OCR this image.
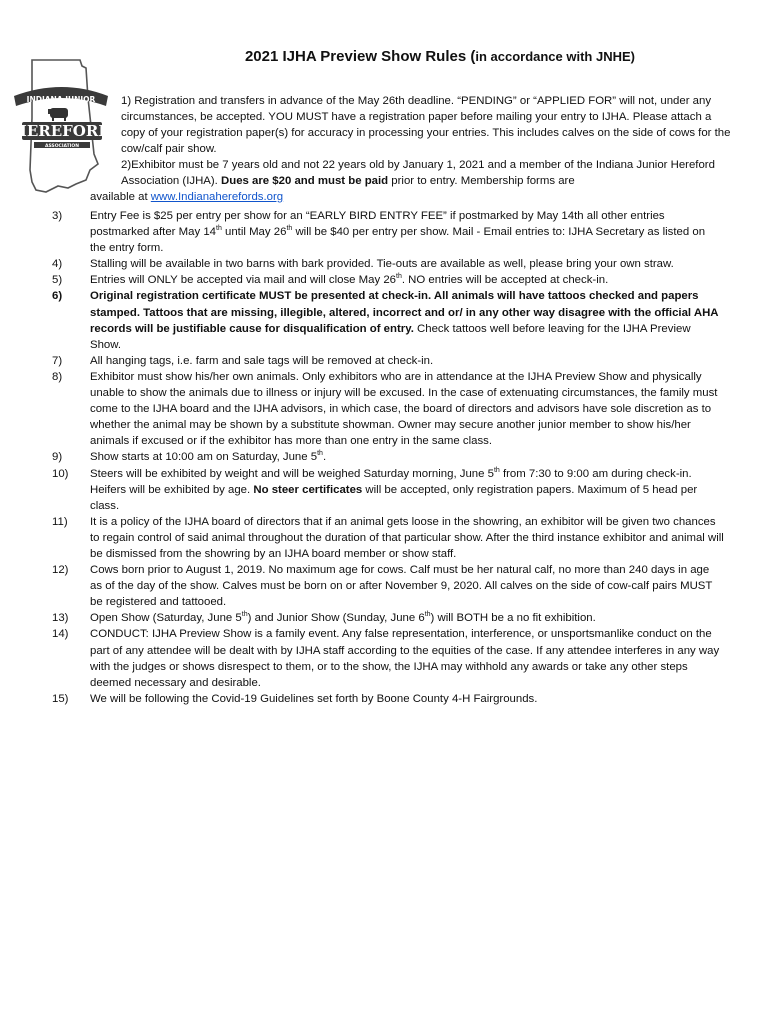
2021 IJHA Preview Show Rules (in accordance with JNHE)
INDIANA JUNIOR
HEREFORD
ASSOCIATION

1) Registration and transfers in advance of the May 26th deadline. “PENDING” or “APPLIED FOR” will not, under any circumstances, be accepted. YOU MUST have a registration paper before mailing your entry to IJHA. Please attach a copy of your registration paper(s) for accuracy in processing your entries. This includes calves on the side of cows for the cow/calf pair show.

2)Exhibitor must be 7 years old and not 22 years old by January 1, 2021 and a member of the Indiana Junior Hereford Association (IJHA). Dues are $20 and must be paid prior to entry. Membership forms are

available at www.Indianaherefords.org

3)	Entry Fee is $25 per entry per show for an “EARLY BIRD ENTRY FEE” if postmarked by May 14th all other entries postmarked after May 14th until May 26th will be $40 per entry per show. Mail - Email entries to: IJHA Secretary as listed on the entry form.
4)	Stalling will be available in two barns with bark provided. Tie-outs are available as well, please bring your own straw.
5)	Entries will ONLY be accepted via mail and will close May 26th. NO entries will be accepted at check-in.
6)	Original registration certificate MUST be presented at check-in. All animals will have tattoos checked and papers stamped. Tattoos that are missing, illegible, altered, incorrect and or/ in any other way disagree with the official AHA records will be justifiable cause for disqualification of entry. Check tattoos well before leaving for the IJHA Preview Show.
7)	All hanging tags, i.e. farm and sale tags will be removed at check-in.
8)	Exhibitor must show his/her own animals. Only exhibitors who are in attendance at the IJHA Preview Show and physically unable to show the animals due to illness or injury will be excused. In the case of extenuating circumstances, the family must come to the IJHA board and the IJHA advisors, in which case, the board of directors and advisors have sole discretion as to whether the animal may be shown by a substitute showman. Owner may secure another junior member to show his/her animals if excused or if the exhibitor has more than one entry in the same class.
9)	Show starts at 10:00 am on Saturday, June 5th.
10)	Steers will be exhibited by weight and will be weighed Saturday morning, June 5th from 7:30 to 9:00 am during check-in. Heifers will be exhibited by age. No steer certificates will be accepted, only registration papers. Maximum of 5 head per class.
11)	It is a policy of the IJHA board of directors that if an animal gets loose in the showring, an exhibitor will be given two chances to regain control of said animal throughout the duration of that particular show. After the third instance exhibitor and animal will be dismissed from the showring by an IJHA board member or show staff.
12)	Cows born prior to August 1, 2019. No maximum age for cows. Calf must be her natural calf, no more than 240 days in age as of the day of the show. Calves must be born on or after November 9, 2020. All calves on the side of cow-calf pairs MUST be registered and tattooed.
13)	Open Show (Saturday, June 5th) and Junior Show (Sunday, June 6th) will BOTH be a no fit exhibition.
14)	CONDUCT: IJHA Preview Show is a family event. Any false representation, interference, or unsportsmanlike conduct on the part of any attendee will be dealt with by IJHA staff according to the equities of the case. If any attendee interferes in any way with the judges or shows disrespect to them, or to the show, the IJHA may withhold any awards or take any other steps deemed necessary and desirable.
15)	We will be following the Covid-19 Guidelines set forth by Boone County 4-H Fairgrounds.
